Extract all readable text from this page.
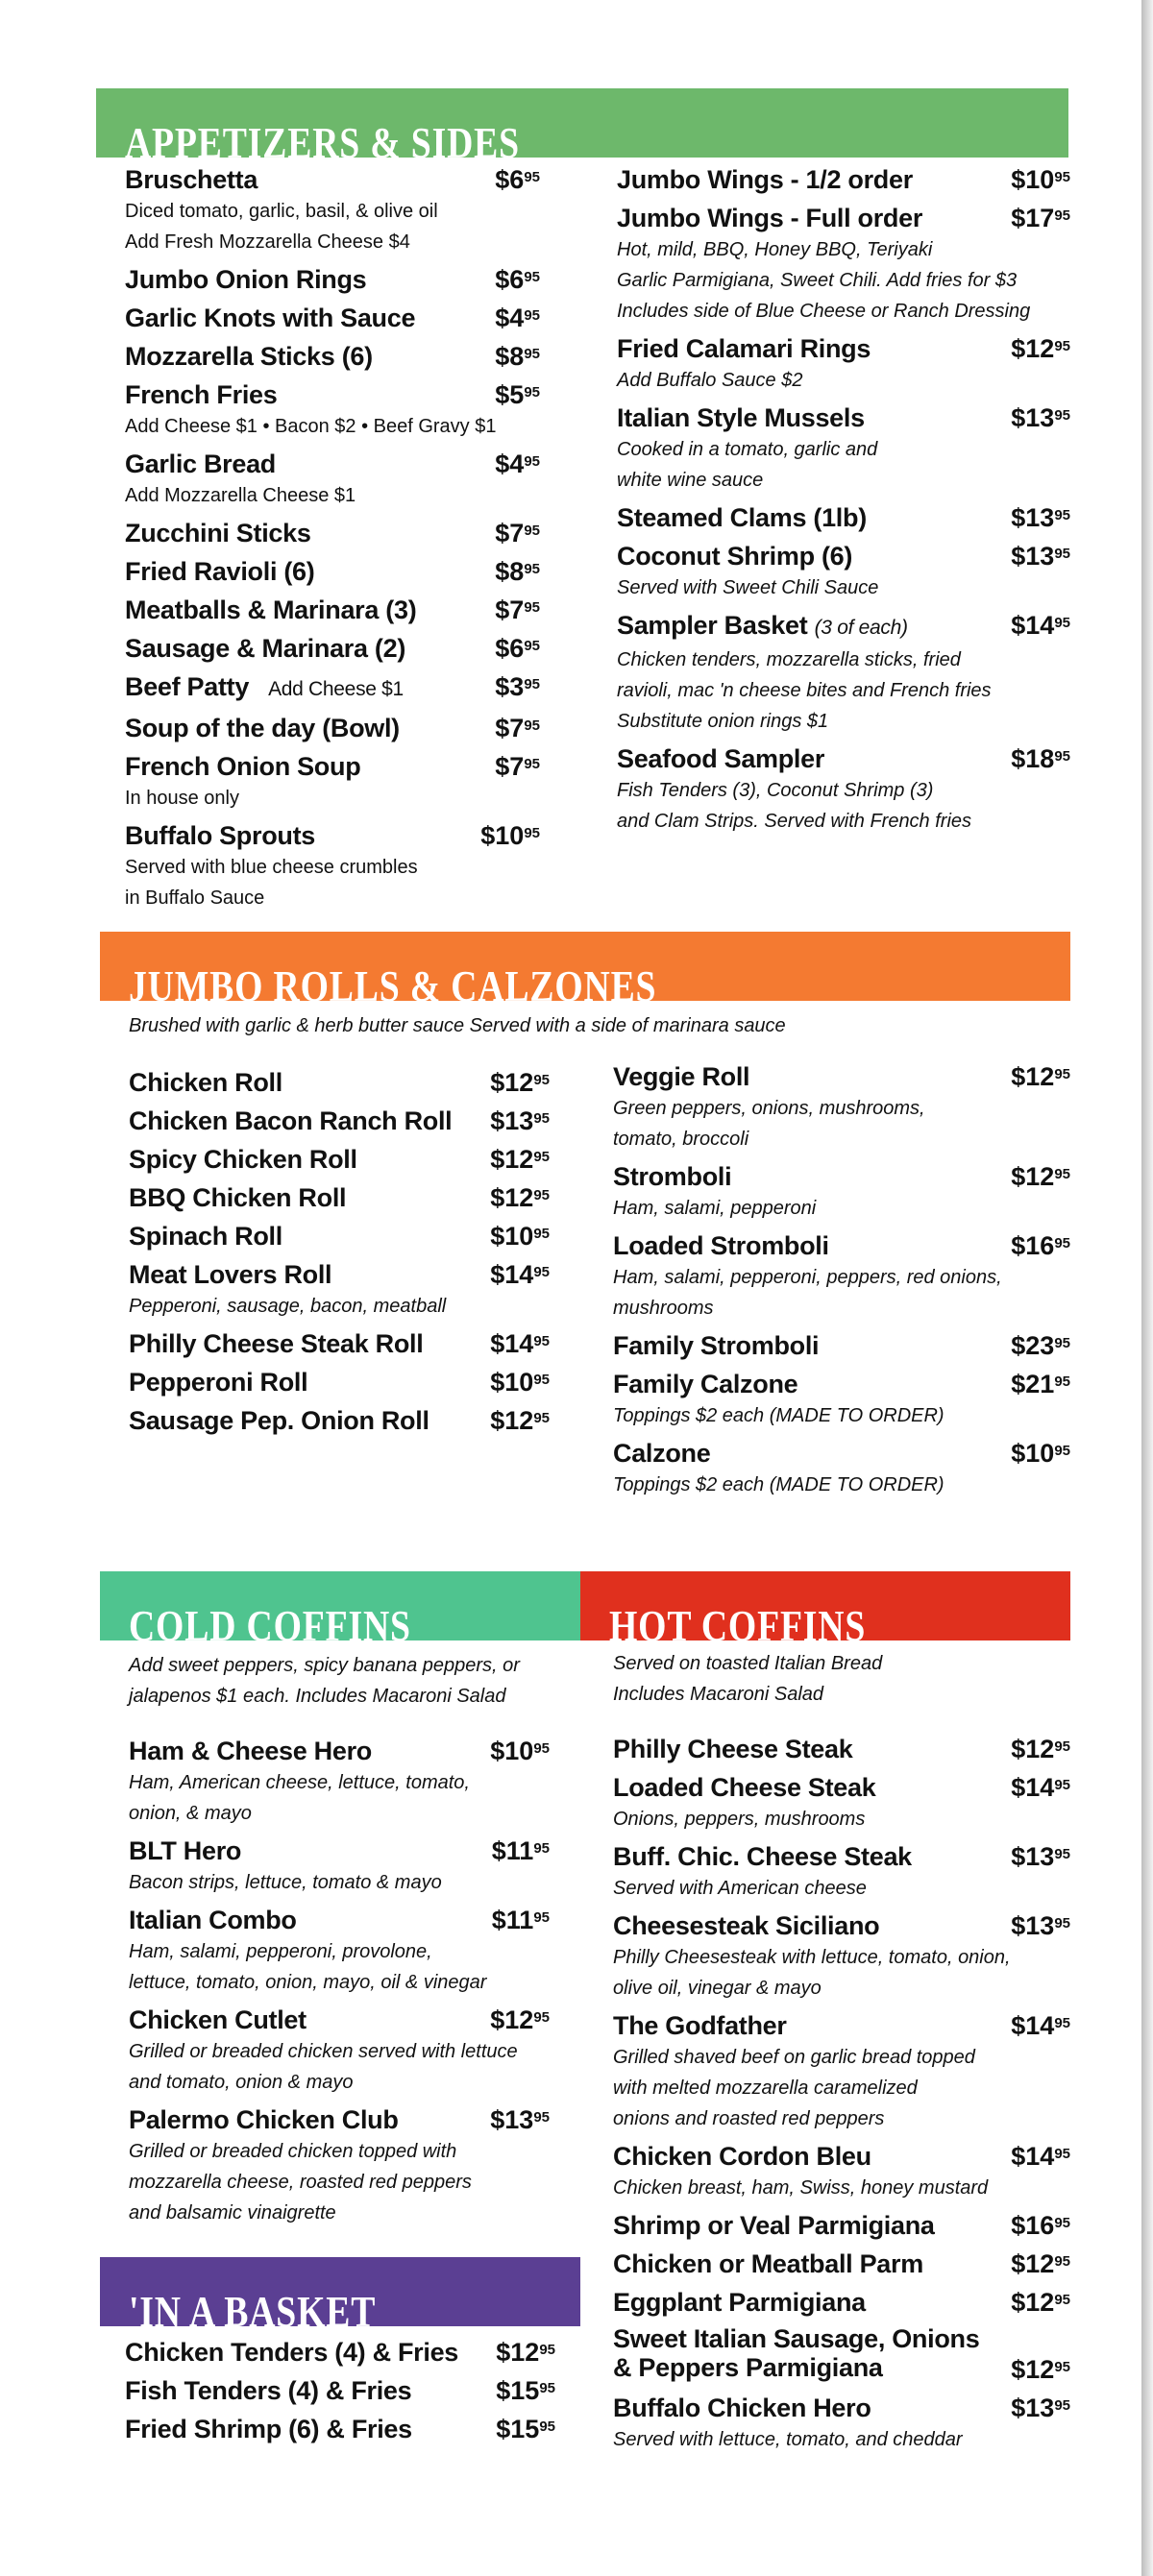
APPETIZERS & SIDES
Bruschetta	$\$6^{95}$
Diced tomato, garlic, basil, & olive oil
Add Fresh Mozzarella Cheese $4
Jumbo Onion Rings	$\$6^{95}$
Garlic Knots with Sauce	$\$4^{95}$
Mozzarella Sticks (6)	$\$8^{95}$
French Fries	$\$5^{95}$
Add Cheese $1 • Bacon $2 • Beef Gravy $1
Garlic Bread	$\$4^{95}$
Add Mozzarella Cheese $1
Zucchini Sticks	$\$7^{95}$
Fried Ravioli (6)	$\$8^{95}$
Meatballs & Marinara (3)	$\$7^{95}$
Sausage & Marinara (2)	$\$6^{95}$
Beef Patty Add Cheese $1	$\$3^{95}$
Soup of the day (Bowl)	$\$7^{95}$
French Onion Soup	$\$7^{95}$
In house only
Buffalo Sprouts	$\$10^{95}$
Served with blue cheese crumbles
in Buffalo Sauce
Jumbo Wings - 1/2 order	$\$10^{95}$
Jumbo Wings - Full order	$\$17^{95}$
Hot, mild, BBQ, Honey BBQ, Teriyaki
Garlic Parmigiana, Sweet Chili. Add fries for $3
Includes side of Blue Cheese or Ranch Dressing
Fried Calamari Rings	$\$12^{95}$
Add Buffalo Sauce $2
Italian Style Mussels	$\$13^{95}$
Cooked in a tomato, garlic and
white wine sauce
Steamed Clams (1lb)	$\$13^{95}$
Coconut Shrimp (6)	$\$13^{95}$
Served with Sweet Chili Sauce
Sampler Basket (3 of each)	$\$14^{95}$
Chicken tenders, mozzarella sticks, fried
ravioli, mac 'n cheese bites and French fries
Substitute onion rings $1
Seafood Sampler	$\$18^{95}$
Fish Tenders (3), Coconut Shrimp (3)
and Clam Strips. Served with French fries
JUMBO ROLLS & CALZONES
Brushed with garlic & herb butter sauce Served with a side of marinara sauce
Chicken Roll	$\$12^{95}$
Chicken Bacon Ranch Roll $\$13^{95}$
Spicy Chicken Roll	$\$12^{95}$
BBQ Chicken Roll	$\$12^{95}$
Spinach Roll	$\$10^{95}$
Meat Lovers Roll	$\$14^{95}$
Pepperoni, sausage, bacon, meatball
Philly Cheese Steak Roll	$\$14^{95}$
Pepperoni Roll	$\$10^{95}$
Sausage Pep. Onion Roll $\$12^{95}$
Veggie Roll	$\$12^{95}$
Green peppers, onions, mushrooms,
tomato, broccoli
Stromboli	$\$12^{95}$
Ham, salami, pepperoni
Loaded Stromboli	$\$16^{95}$
Ham, salami, pepperoni, peppers, red onions,
mushrooms
Family Stromboli	$\$23^{95}$
Family Calzone	$\$21^{95}$
Toppings $2 each (MADE TO ORDER)
Calzone	$\$10^{95}$
Toppings $2 each (MADE TO ORDER)
COLD COFFINS	HOT COFFINS
Add sweet peppers, spicy banana peppers, or
jalapenos $1 each. Includes Macaroni Salad
Served on toasted Italian Bread
Includes Macaroni Salad
Ham & Cheese Hero	$\$10^{95}$
Ham, American cheese, lettuce, tomato,
onion, & mayo
BLT Hero	$\$11^{95}$
Bacon strips, lettuce, tomato & mayo
Italian Combo	$\$11^{95}$
Ham, salami, pepperoni, provolone,
lettuce, tomato, onion, mayo, oil & vinegar
Chicken Cutlet	$\$12^{95}$
Grilled or breaded chicken served with lettuce
and tomato, onion & mayo
Palermo Chicken Club	$\$13^{95}$
Grilled or breaded chicken topped with
mozzarella cheese, roasted red peppers
and balsamic vinaigrette
'IN A BASKET
Chicken Tenders (4) & Fries $\$12^{95}$
Fish Tenders (4) & Fries	$\$15^{95}$
Fried Shrimp (6) & Fries	$\$15^{95}$
Philly Cheese Steak	$\$12^{95}$
Loaded Cheese Steak	$\$14^{95}$
Onions, peppers, mushrooms
Buff. Chic. Cheese Steak	$\$13^{95}$
Served with American cheese
Cheesesteak Siciliano	$\$13^{95}$
Philly Cheesesteak with lettuce, tomato, onion,
olive oil, vinegar & mayo
The Godfather	$\$14^{95}$
Grilled shaved beef on garlic bread topped
with melted mozzarella caramelized
onions and roasted red peppers
Chicken Cordon Bleu	$\$14^{95}$
Chicken breast, ham, Swiss, honey mustard
Shrimp or Veal Parmigiana	$\$16^{95}$
Chicken or Meatball Parm	$\$12^{95}$
Eggplant Parmigiana	$\$12^{95}$
Sweet Italian Sausage, Onions
& Peppers Parmigiana	$\$12^{95}$
Buffalo Chicken Hero	$\$13^{95}$
Served with lettuce, tomato, and cheddar
